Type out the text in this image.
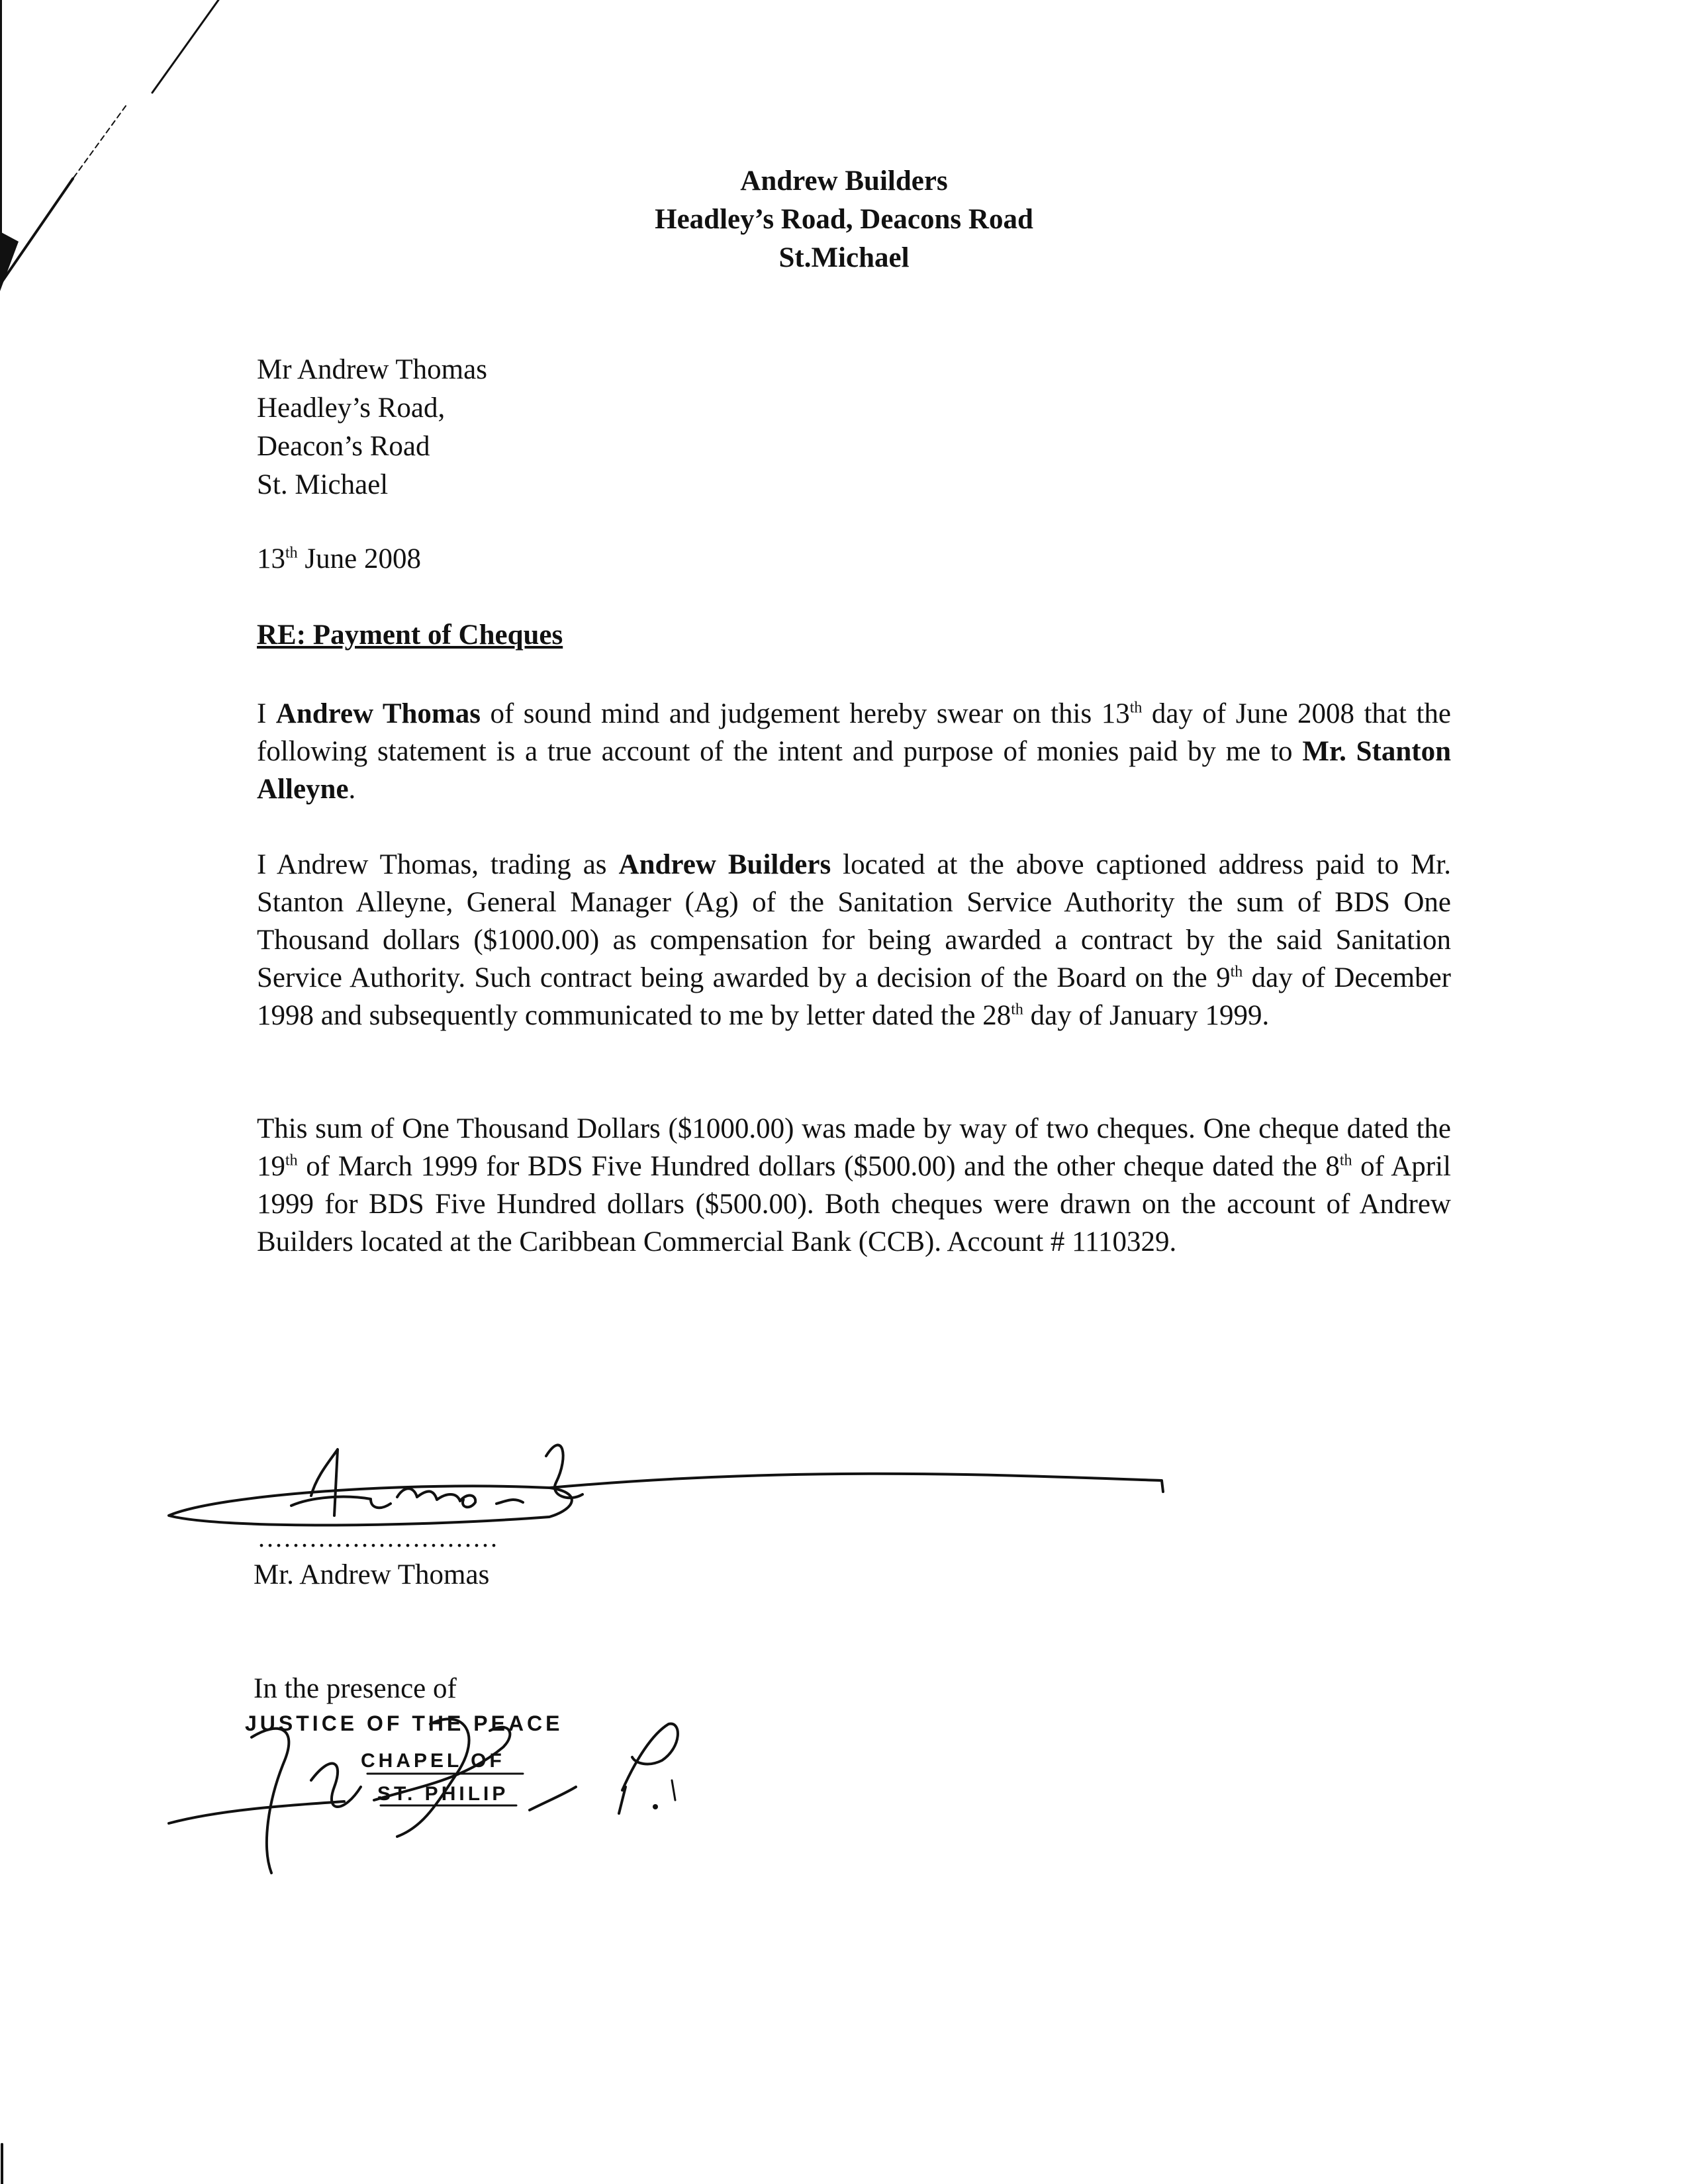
Andrew Builders
Headley’s Road, Deacons Road
St.Michael
Mr Andrew Thomas
Headley’s Road,
Deacon’s Road
St. Michael
13th June 2008
RE: Payment of Cheques
I Andrew Thomas of sound mind and judgement hereby swear on this 13th day of June 2008 that the following statement is a true account of the intent and purpose of monies paid by me to Mr. Stanton Alleyne.
I Andrew Thomas, trading as Andrew Builders located at the above captioned address paid to Mr. Stanton Alleyne, General Manager (Ag) of the Sanitation Service Authority the sum of BDS One Thousand dollars ($1000.00) as compensation for being awarded a contract by the said Sanitation Service Authority. Such contract being awarded by a decision of the Board on the 9th day of December 1998 and subsequently communicated to me by letter dated the 28th day of January 1999.
This sum of One Thousand Dollars ($1000.00) was made by way of two cheques. One cheque dated the 19th of March 1999 for BDS Five Hundred dollars ($500.00) and the other cheque dated the 8th of April 1999 for BDS Five Hundred dollars ($500.00). Both cheques were drawn on the account of Andrew Builders located at the Caribbean Commercial Bank (CCB). Account # 1110329.
............................
Mr. Andrew Thomas
In the presence of
JUSTICE OF THE PEACE
CHAPEL OF
ST. PHILIP
